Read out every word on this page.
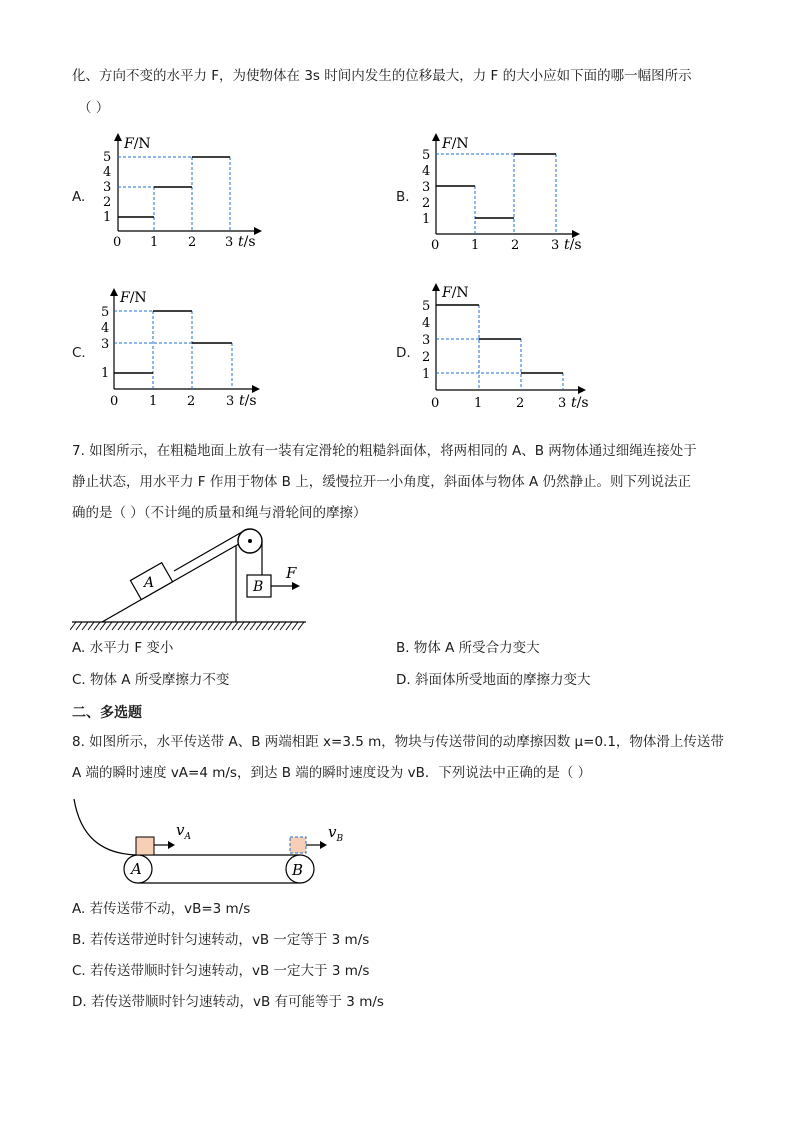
化、方向不变的水平力 F，为使物体在 3s 时间内发生的位移最大，力 F 的大小应如下面的哪一幅图所示
（ ）
A.
F/N
5
4
3
2
1
0 1 2 3 t/s
B.
F/N
5
4
3
2
1
0 1 2 3 t/s
C.
F/N
5
4
3
1
0 1 2 3 t/s
D.
F/N
5
4
3
2
1
0	1	2	3 t/s
7. 如图所示，在粗糙地面上放有一装有定滑轮的粗糙斜面体，将两相同的 A、B 两物体通过细绳连接处于
静止状态，用水平力 F 作用于物体 B 上，缓慢拉开一小角度，斜面体与物体 A 仍然静止。则下列说法正
确的是（ ）（不计绳的质量和绳与滑轮间的摩擦）
A	B
F
A. 水平力 F 变小	B. 物体 A 所受合力变大
C. 物体 A 所受摩擦力不变	D. 斜面体所受地面的摩擦力变大
二、多选题
8. 如图所示，水平传送带 A、B 两端相距 x=3.5 m，物块与传送带间的动摩擦因数 μ=0.1，物体滑上传送带
A 端的瞬时速度 vA=4 m/s，到达 B 端的瞬时速度设为 vB．下列说法中正确的是（ ）
A	B
$v_A$	$v_B$
A. 若传送带不动，vB=3 m/s
B. 若传送带逆时针匀速转动，vB 一定等于 3 m/s
C. 若传送带顺时针匀速转动，vB 一定大于 3 m/s
D. 若传送带顺时针匀速转动，vB 有可能等于 3 m/s
